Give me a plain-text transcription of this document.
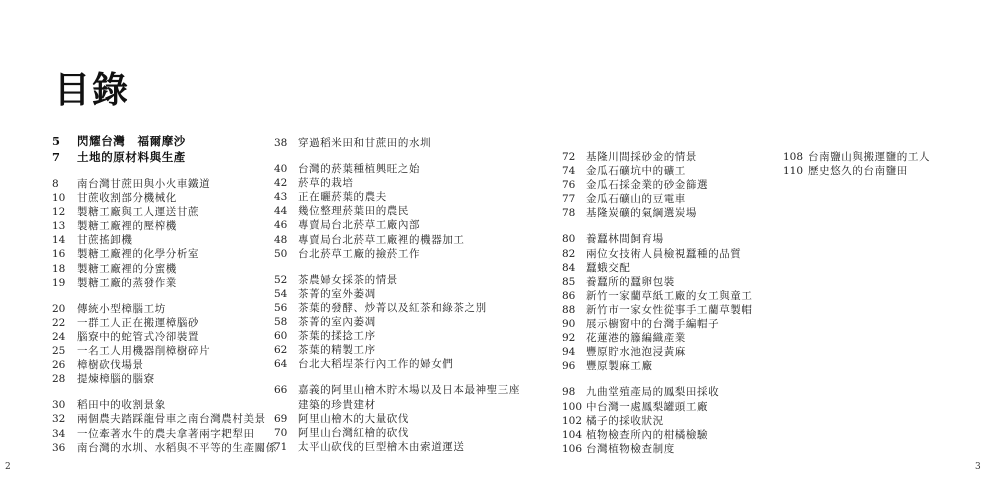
目錄
5	閃耀台灣　福爾摩沙
7	土地的原材料與生產
8	南台灣甘蔗田與小火車鐵道
10	甘蔗收割部分機械化
12	製糖工廠與工人運送甘蔗
13	製糖工廠裡的壓榨機
14	甘蔗搖卸機
16	製糖工廠裡的化學分析室
18	製糖工廠裡的分蜜機
19	製糖工廠的蒸發作業
20	傳統小型樟腦工坊
22	一群工人正在搬運樟腦砂
24	腦寮中的蛇管式冷卻裝置
25	一名工人用機器削樟樹碎片
26	樟樹砍伐場景
28	提煉樟腦的腦寮
30	稻田中的收割景象
32	兩個農夫踏踩龍骨車之南台灣農村美景
34	一位牽著水牛的農夫拿著兩字耙犁田
36	南台灣的水圳、水稻與不平等的生產關係
38	穿過稻米田和甘蔗田的水圳
40	台灣的菸葉種植興旺之始
42	菸草的栽培
43	正在曬菸葉的農夫
44	幾位整理菸葉田的農民
46	專賣局台北菸草工廠內部
48	專賣局台北菸草工廠裡的機器加工
50	台北菸草工廠的撿菸工作
52	茶農婦女採茶的情景
54	茶菁的室外萎凋
56	茶葉的發酵、炒菁以及紅茶和綠茶之別
58	茶菁的室內萎凋
60	茶葉的揉捻工序
62	茶葉的精製工序
64	台北大稻埕茶行內工作的婦女們
66	嘉義的阿里山檜木貯木場以及日本最神聖三座
建築的珍貴建材
69	阿里山檜木的大量砍伐
70	阿里山台灣紅檜的砍伐
71	太平山砍伐的巨型檜木由索道運送
72	基隆川間採砂金的情景
74	金瓜石礦坑中的礦工
76	金瓜石採金業的砂金篩選
77	金瓜石礦山的豆電車
78	基隆炭礦的氣綱選炭場
80	養蠶林間飼育場
82	兩位女技術人員檢視蠶種的品質
84	蠶蛾交配
85	養蠶所的蠶卵包裝
86	新竹一家藺草紙工廠的女工與童工
88	新竹市一家女性從事手工藺草製帽
90	展示櫥窗中的台灣手編帽子
92	花蓮港的籐編織產業
94	豐原貯水池泡浸黃麻
96	豐原製麻工廠
98	九曲堂殖產局的鳳梨田採收
100 中台灣一處鳳梨罐頭工廠
102 橘子的採收狀況
104 植物檢查所內的柑橘檢驗
106 台灣植物檢查制度
108 台南鹽山與搬運鹽的工人
110 歷史悠久的台南鹽田
2	3
